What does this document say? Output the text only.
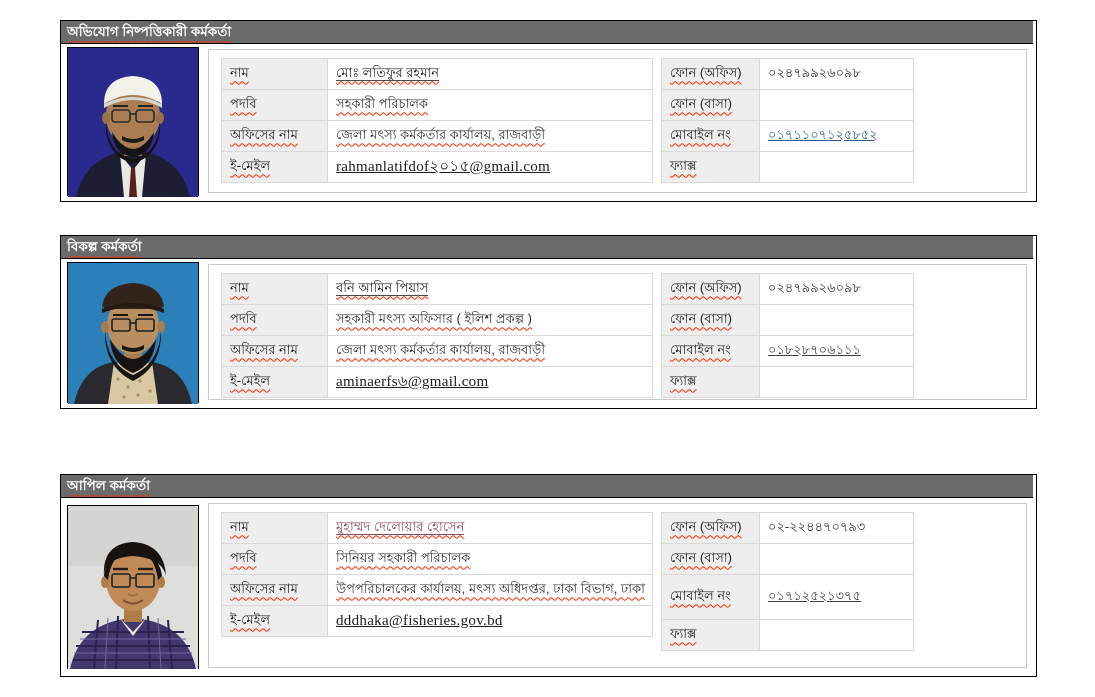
অভিযোগ নিষ্পত্তিকারী কর্মকর্তা
নাম	মোঃ লতিফুর রহমান
পদবি	সহকারী পরিচালক
অফিসের নাম	জেলা মৎস্য কর্মকর্তার কার্যালয়, রাজবাড়ী
ই-মেইল	rahmanlatifdof২০১৫@gmail.com
ফোন (অফিস)	০২৪৭৯৯২৬০৯৮
ফোন (বাসা)	
মোবাইল নং	০১৭১১০৭১২৫৮৫২
ফ্যাক্স	
বিকল্প কর্মকর্তা
নাম	বনি আমিন পিয়াস
পদবি	সহকারী মৎস্য অফিসার ( ইলিশ প্রকল্প )
অফিসের নাম	জেলা মৎস্য কর্মকর্তার কার্যালয়, রাজবাড়ী
ই-মেইল	aminaerfs৬@gmail.com
ফোন (অফিস)	০২৪৭৯৯২৬০৯৮
ফোন (বাসা)	
মোবাইল নং	০১৮২৮৭০৬১১১
ফ্যাক্স	
আপিল কর্মকর্তা
নাম	মুহাম্মদ দেলোয়ার হোসেন
পদবি	সিনিয়র সহকারী পরিচালক
অফিসের নাম	উপপরিচালকের কার্যালয়, মৎস্য অধিদপ্তর, ঢাকা বিভাগ, ঢাকা
ই-মেইল	dddhaka@fisheries.gov.bd
ফোন (অফিস)	০২-২২৪৪৭০৭৯৩
ফোন (বাসা)	
মোবাইল নং	০১৭১২৫২১৩৭৫
ফ্যাক্স	
